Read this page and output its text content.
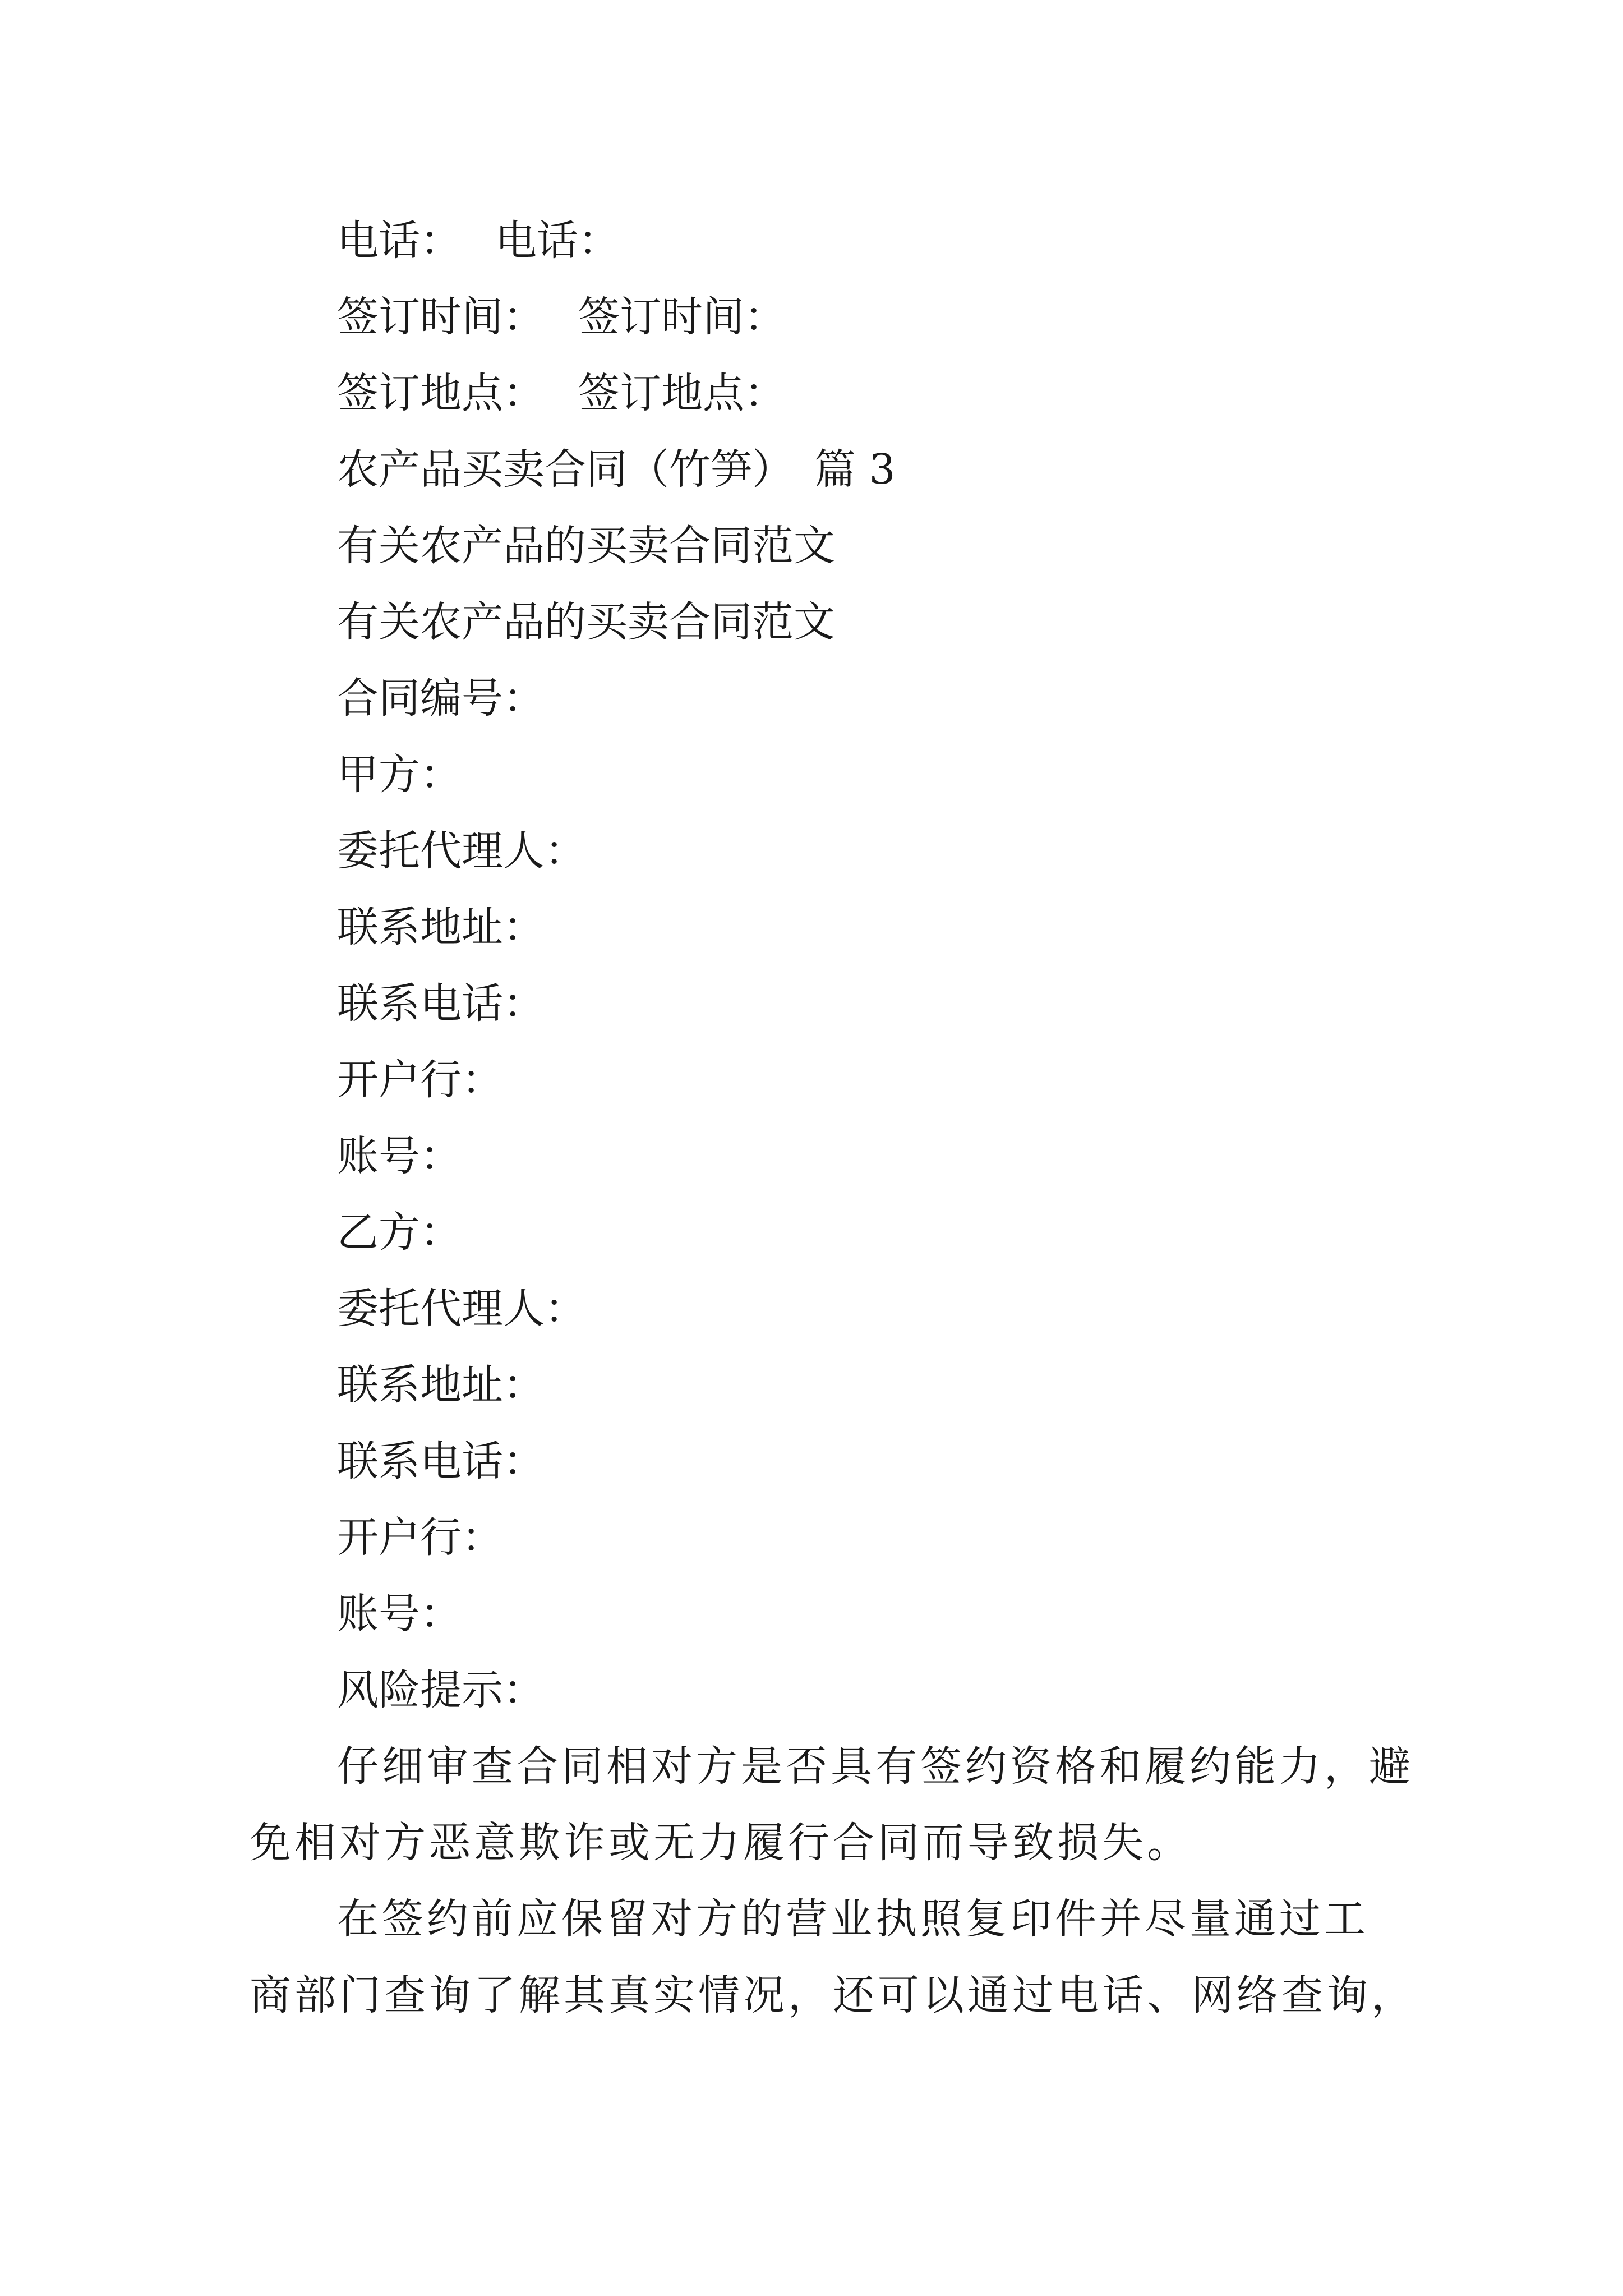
电话： 电话：
签订时间： 签订时间：
签订地点： 签订地点：
农产品买卖合同（竹笋）　篇 3
有关农产品的买卖合同范文
有关农产品的买卖合同范文
合同编号：
甲方：
委托代理人：
联系地址：
联系电话：
开户行：
账号：
乙方：
委托代理人：
联系地址：
联系电话：
开户行：
账号：
风险提示：
仔细审查合同相对方是否具有签约资格和履约能力，避
免相对方恶意欺诈或无力履行合同而导致损失。
在签约前应保留对方的营业执照复印件并尽量通过工
商部门查询了解其真实情况，还可以通过电话、网络查询，
